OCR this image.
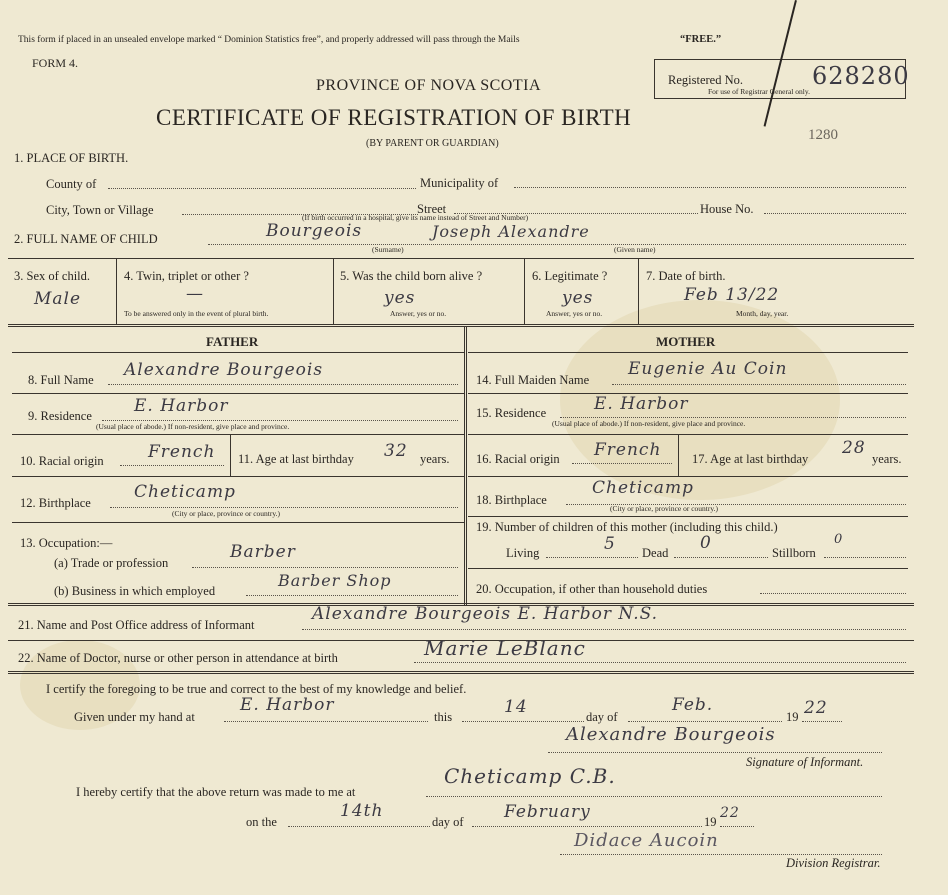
This form if placed in an unsealed envelope marked “ Dominion Statistics free”, and properly addressed will pass through the Mails	“FREE.”
FORM 4.
PROVINCE OF NOVA SCOTIA
CERTIFICATE OF REGISTRATION OF BIRTH
(BY PARENT OR GUARDIAN)
Registered No.	628280
For use of Registrar General only.
1280
1. PLACE OF BIRTH.
County of	Municipality of
City, Town or Village	Street	House No.
(If birth occurred in a hospital, give its name instead of Street and Number)
2. FULL NAME OF CHILD	Bourgeois	Joseph Alexandre
(Surname)	(Given name)
3. Sex of child.
Male
4. Twin, triplet or other ?
—
To be answered only in the event of plural birth.
5. Was the child born alive ?
yes
Answer, yes or no.
6. Legitimate ?
yes
Answer, yes or no.
7. Date of birth.
Feb 13/22
Month, day, year.
FATHER	MOTHER
8. Full Name Alexandre Bourgeois
9. Residence E. Harbor
(Usual place of abode.) If non-resident, give place and province.
10. Racial origin	French 11. Age at last birthday 32 years.
12. Birthplace
Cheticamp
(City or place, province or country.)
13. Occupation:—
(a) Trade or profession
Barber
(b) Business in which employed
Barber Shop
14. Full Maiden Name
Eugenie Au Coin
15. Residence	E. Harbor
(Usual place of abode.) If non-resident, give place and province.
16. Racial origin French 17. Age at last birthday
28
years.
18. Birthplace
Cheticamp
(City or place, province or country.)
19. Number of children of this mother (including this child.)
Living	5 Dead 0	Stillborn
0
20. Occupation, if other than household duties
21. Name and Post Office address of Informant
Alexandre Bourgeois E. Harbor N.S.
22. Name of Doctor, nurse or other person in attendance at birth	Marie LeBlanc
I certify the foregoing to be true and correct to the best of my knowledge and belief.
Given under my hand at
E. Harbor
this	14	day of
Feb.
19 22
Alexandre Bourgeois
Signature of Informant.
I hereby certify that the above return was made to me at
Cheticamp C.B.
on the
14th
day of February	19
22
Didace Aucoin
Division Registrar.
